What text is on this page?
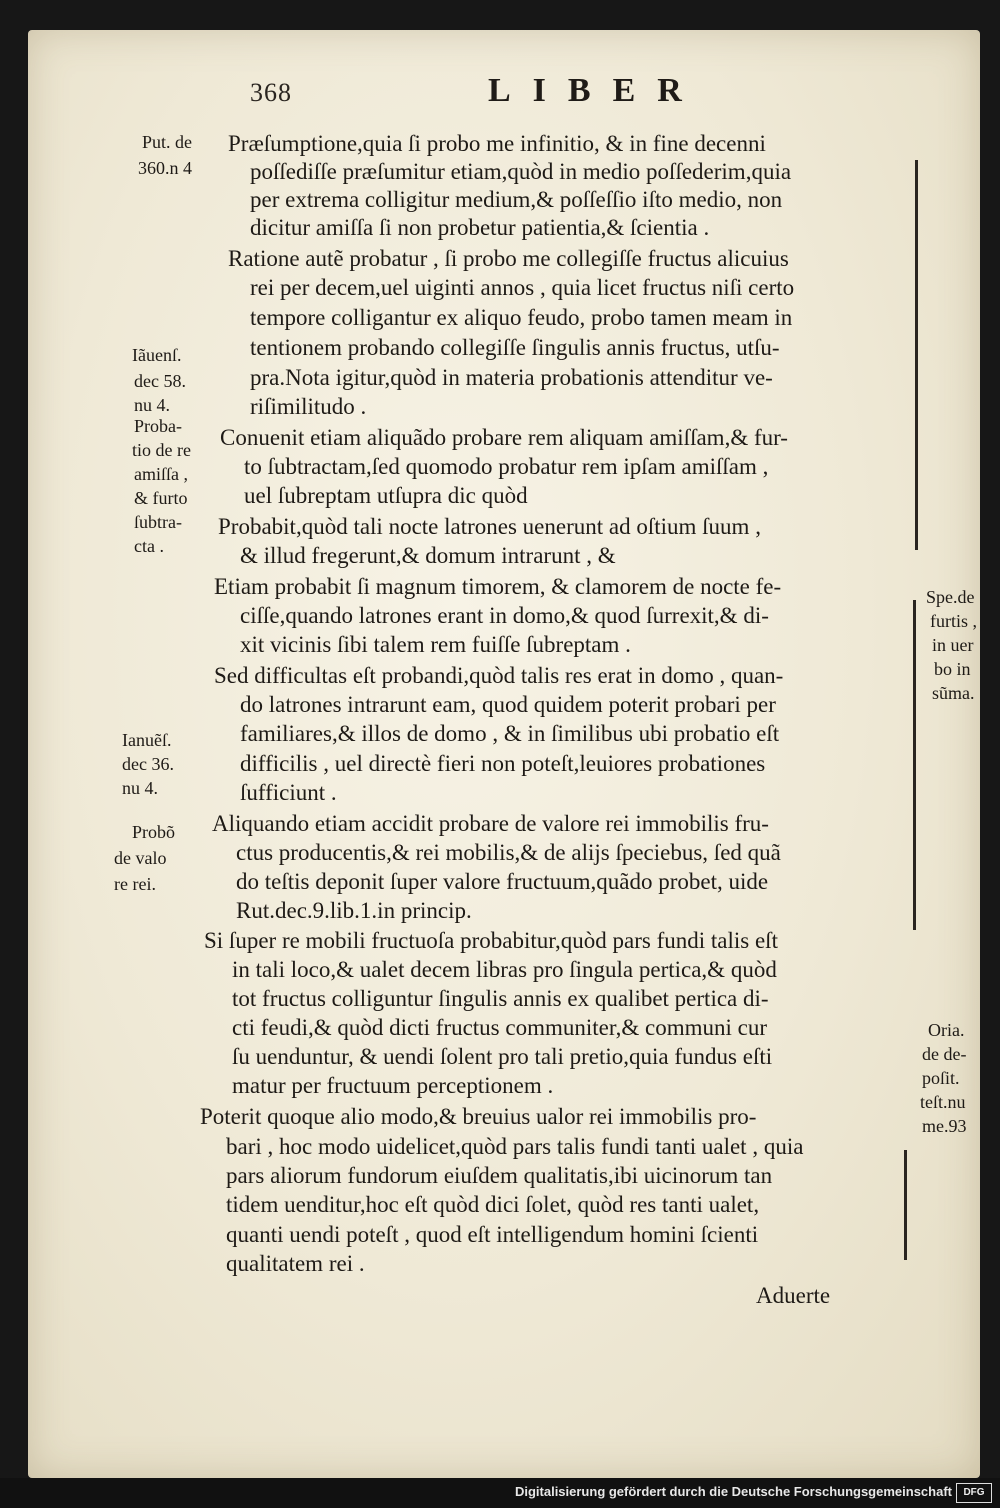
368	LIBER
Præſumptione,quia ſi probo me infinitio, & in fine decenni
poſſediſſe præſumitur etiam,quòd in medio poſſederim,quia
per extrema colligitur medium,& poſſeſſio iſto medio, non
dicitur amiſſa ſi non probetur patientia,& ſcientia .
Ratione autẽ probatur , ſi probo me collegiſſe fructus alicuius
rei per decem,uel uiginti annos , quia licet fructus niſi certo
tempore colligantur ex aliquo feudo, probo tamen meam in
tentionem probando collegiſſe ſingulis annis fructus, utſu-
pra.Nota igitur,quòd in materia probationis attenditur ve-
riſimilitudo .
Conuenit etiam aliquãdo probare rem aliquam amiſſam,& fur-
to ſubtractam,ſed quomodo probatur rem ipſam amiſſam ,
uel ſubreptam utſupra dic quòd
Probabit,quòd tali nocte latrones uenerunt ad oſtium ſuum ,
& illud fregerunt,& domum intrarunt , &
Etiam probabit ſi magnum timorem, & clamorem de nocte fe-
ciſſe,quando latrones erant in domo,& quod ſurrexit,& di-
xit vicinis ſibi talem rem fuiſſe ſubreptam .
Sed difficultas eſt probandi,quòd talis res erat in domo , quan-
do latrones intrarunt eam, quod quidem poterit probari per
familiares,& illos de domo , & in ſimilibus ubi probatio eſt
difficilis , uel directè fieri non poteſt,leuiores probationes
ſufficiunt .
Aliquando etiam accidit probare de valore rei immobilis fru-
ctus producentis,& rei mobilis,& de alijs ſpeciebus, ſed quã
do teſtis deponit ſuper valore fructuum,quãdo probet, uide
Rut.dec.9.lib.1.in princip.
Si ſuper re mobili fructuoſa probabitur,quòd pars fundi talis eſt
in tali loco,& ualet decem libras pro ſingula pertica,& quòd
tot fructus colliguntur ſingulis annis ex qualibet pertica di-
cti feudi,& quòd dicti fructus communiter,& communi cur
ſu uenduntur, & uendi ſolent pro tali pretio,quia fundus eſti
matur per fructuum perceptionem .
Poterit quoque alio modo,& breuius ualor rei immobilis pro-
bari , hoc modo uidelicet,quòd pars talis fundi tanti ualet , quia
pars aliorum fundorum eiuſdem qualitatis,ibi uicinorum tan
tidem uenditur,hoc eſt quòd dici ſolet, quòd res tanti ualet,
quanti uendi poteſt , quod eſt intelligendum homini ſcienti
qualitatem rei .
Put. de
360.n 4
Iãuenſ.
dec 58.
nu 4.
Proba-
tio de re
amiſſa ,
& furto
ſubtra-
cta .
Ianuẽſ.
dec 36.
nu 4.
Probõ
de valo
re rei.
Spe.de
furtis ,
in uer
bo in
sũma.
Oria.
de de-
poſit.
teſt.nu
me.93
Aduerte
Digitalisierung gefördert durch die Deutsche Forschungsgemeinschaft	DFG
